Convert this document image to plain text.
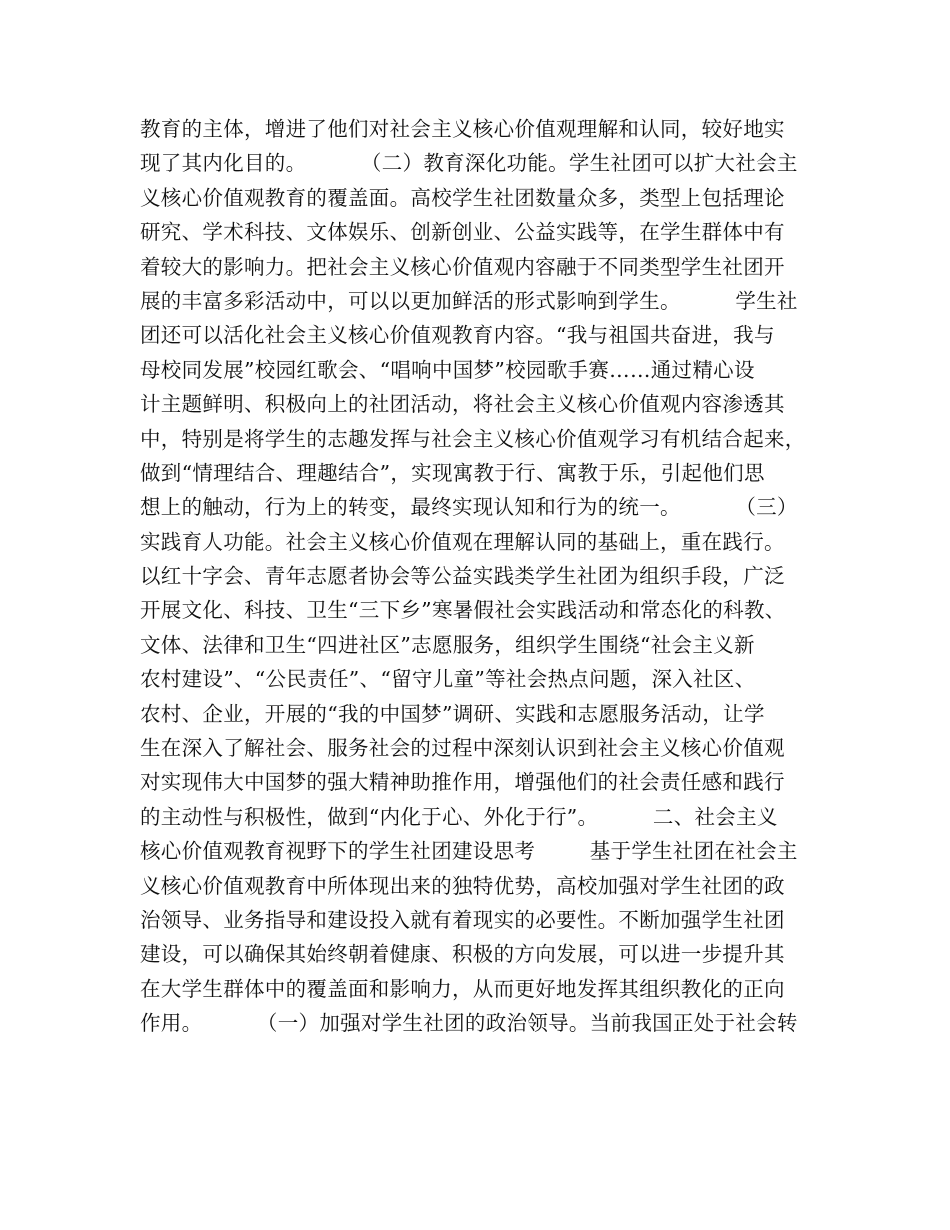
教育的主体，增进了他们对社会主义核心价值观理解和认同，较好地实
现了其内化目的。        （二）教育深化功能。学生社团可以扩大社会主
义核心价值观教育的覆盖面。高校学生社团数量众多，类型上包括理论
研究、学术科技、文体娱乐、创新创业、公益实践等，在学生群体中有
着较大的影响力。把社会主义核心价值观内容融于不同类型学生社团开
展的丰富多彩活动中，可以以更加鲜活的形式影响到学生。        学生社
团还可以活化社会主义核心价值观教育内容。“我与祖国共奋进，我与
母校同发展”校园红歌会、“唱响中国梦”校园歌手赛……通过精心设
计主题鲜明、积极向上的社团活动，将社会主义核心价值观内容渗透其
中，特别是将学生的志趣发挥与社会主义核心价值观学习有机结合起来，
做到“情理结合、理趣结合”，实现寓教于行、寓教于乐，引起他们思
想上的触动，行为上的转变，最终实现认知和行为的统一。        （三）
实践育人功能。社会主义核心价值观在理解认同的基础上，重在践行。
以红十字会、青年志愿者协会等公益实践类学生社团为组织手段，广泛
开展文化、科技、卫生“三下乡”寒暑假社会实践活动和常态化的科教、
文体、法律和卫生“四进社区”志愿服务，组织学生围绕“社会主义新
农村建设”、“公民责任”、“留守儿童”等社会热点问题，深入社区、
农村、企业，开展的“我的中国梦”调研、实践和志愿服务活动，让学
生在深入了解社会、服务社会的过程中深刻认识到社会主义核心价值观
对实现伟大中国梦的强大精神助推作用，增强他们的社会责任感和践行
的主动性与积极性，做到“内化于心、外化于行”。        二、社会主义
核心价值观教育视野下的学生社团建设思考        基于学生社团在社会主
义核心价值观教育中所体现出来的独特优势，高校加强对学生社团的政
治领导、业务指导和建设投入就有着现实的必要性。不断加强学生社团
建设，可以确保其始终朝着健康、积极的方向发展，可以进一步提升其
在大学生群体中的覆盖面和影响力，从而更好地发挥其组织教化的正向
作用。        （一）加强对学生社团的政治领导。当前我国正处于社会转
